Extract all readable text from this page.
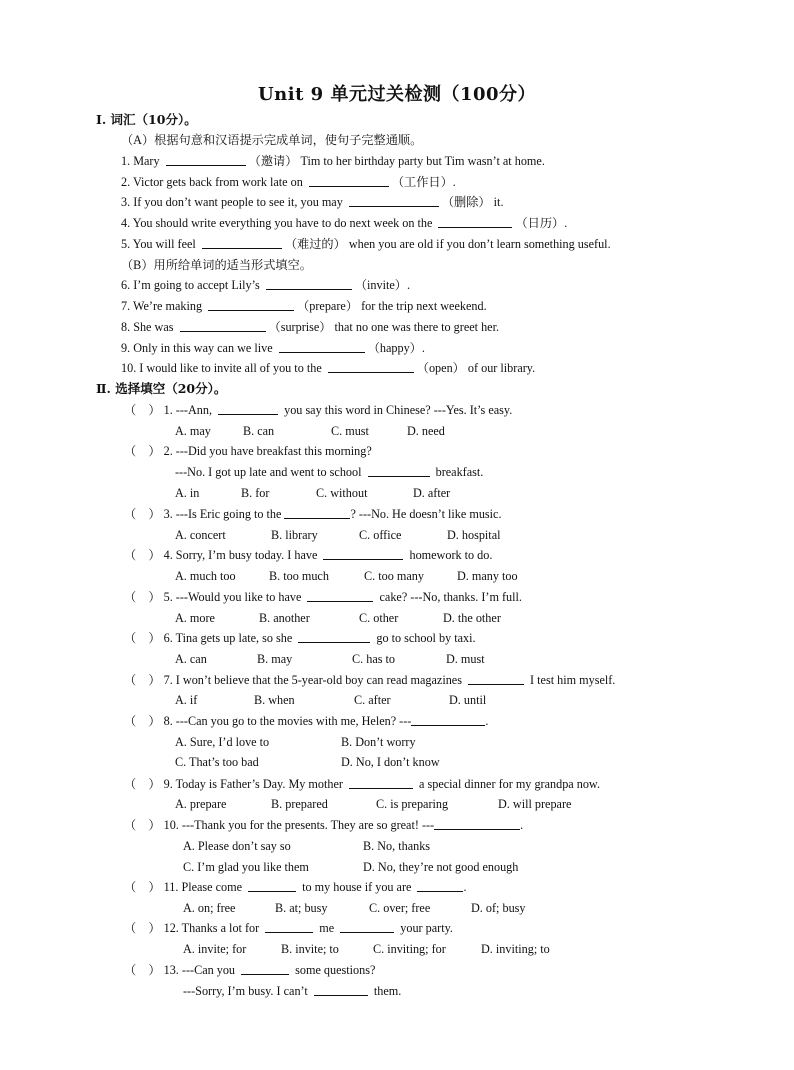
Unit 9 单元过关检测（100分）
Ⅰ. 词汇（10分）。
（A）根据句意和汉语提示完成单词，使句子完整通顺。
1. Mary	（邀请） Tim to her birthday party but Tim wasn’t at home.
2. Victor gets back from work late on	（工作日）.
3. If you don’t want people to see it, you may	（删除） it.
4. You should write everything you have to do next week on the	（日历）.
5. You will feel	（难过的） when you are old if you don’t learn something useful.
（B）用所给单词的适当形式填空。
6. I’m going to accept Lily’s	（invite）.
7. We’re making	（prepare） for the trip next weekend.
8. She was	（surprise） that no one was there to greet her.
9. Only in this way can we live	（happy）.
10. I would like to invite all of you to the	（open） of our library.
Ⅱ. 选择填空（20分）。
（　） 1. ---Ann,	you say this word in Chinese? ---Yes. It’s easy.
A. may	B. can	C. must	D. need
（　） 2. ---Did you have breakfast this morning?
---No. I got up late and went to school	breakfast.
A. in	B. for	C. without	D. after
（　） 3. ---Is Eric going to the	? ---No. He doesn’t like music.
A. concert	B. library	C. office	D. hospital
（　） 4. Sorry, I’m busy today. I have	homework to do.
A. much too	B. too much	C. too many	D. many too
（　） 5. ---Would you like to have	cake? ---No, thanks. I’m full.
A. more	B. another	C. other	D. the other
（　） 6. Tina gets up late, so she	go to school by taxi.
A. can	B. may	C. has to	D. must
（　） 7. I won’t believe that the 5-year-old boy can read magazines	I test him myself.
A. if	B. when	C. after	D. until
（　） 8. ---Can you go to the movies with me, Helen? ---	.
A. Sure, I’d love to	B. Don’t worry
C. That’s too bad	D. No, I don’t know
（　） 9. Today is Father’s Day. My mother	a special dinner for my grandpa now.
A. prepare	B. prepared	C. is preparing	D. will prepare
（　） 10. ---Thank you for the presents. They are so great! ---	.
A. Please don’t say so	B. No, thanks
C. I’m glad you like them	D. No, they’re not good enough
（　） 11. Please come	to my house if you are	.
A. on; free	B. at; busy	C. over; free	D. of; busy
（　） 12. Thanks a lot for	me	your party.
A. invite; for	B. invite; to	C. inviting; for	D. inviting; to
（　） 13. ---Can you	some questions?
---Sorry, I’m busy. I can’t	them.
